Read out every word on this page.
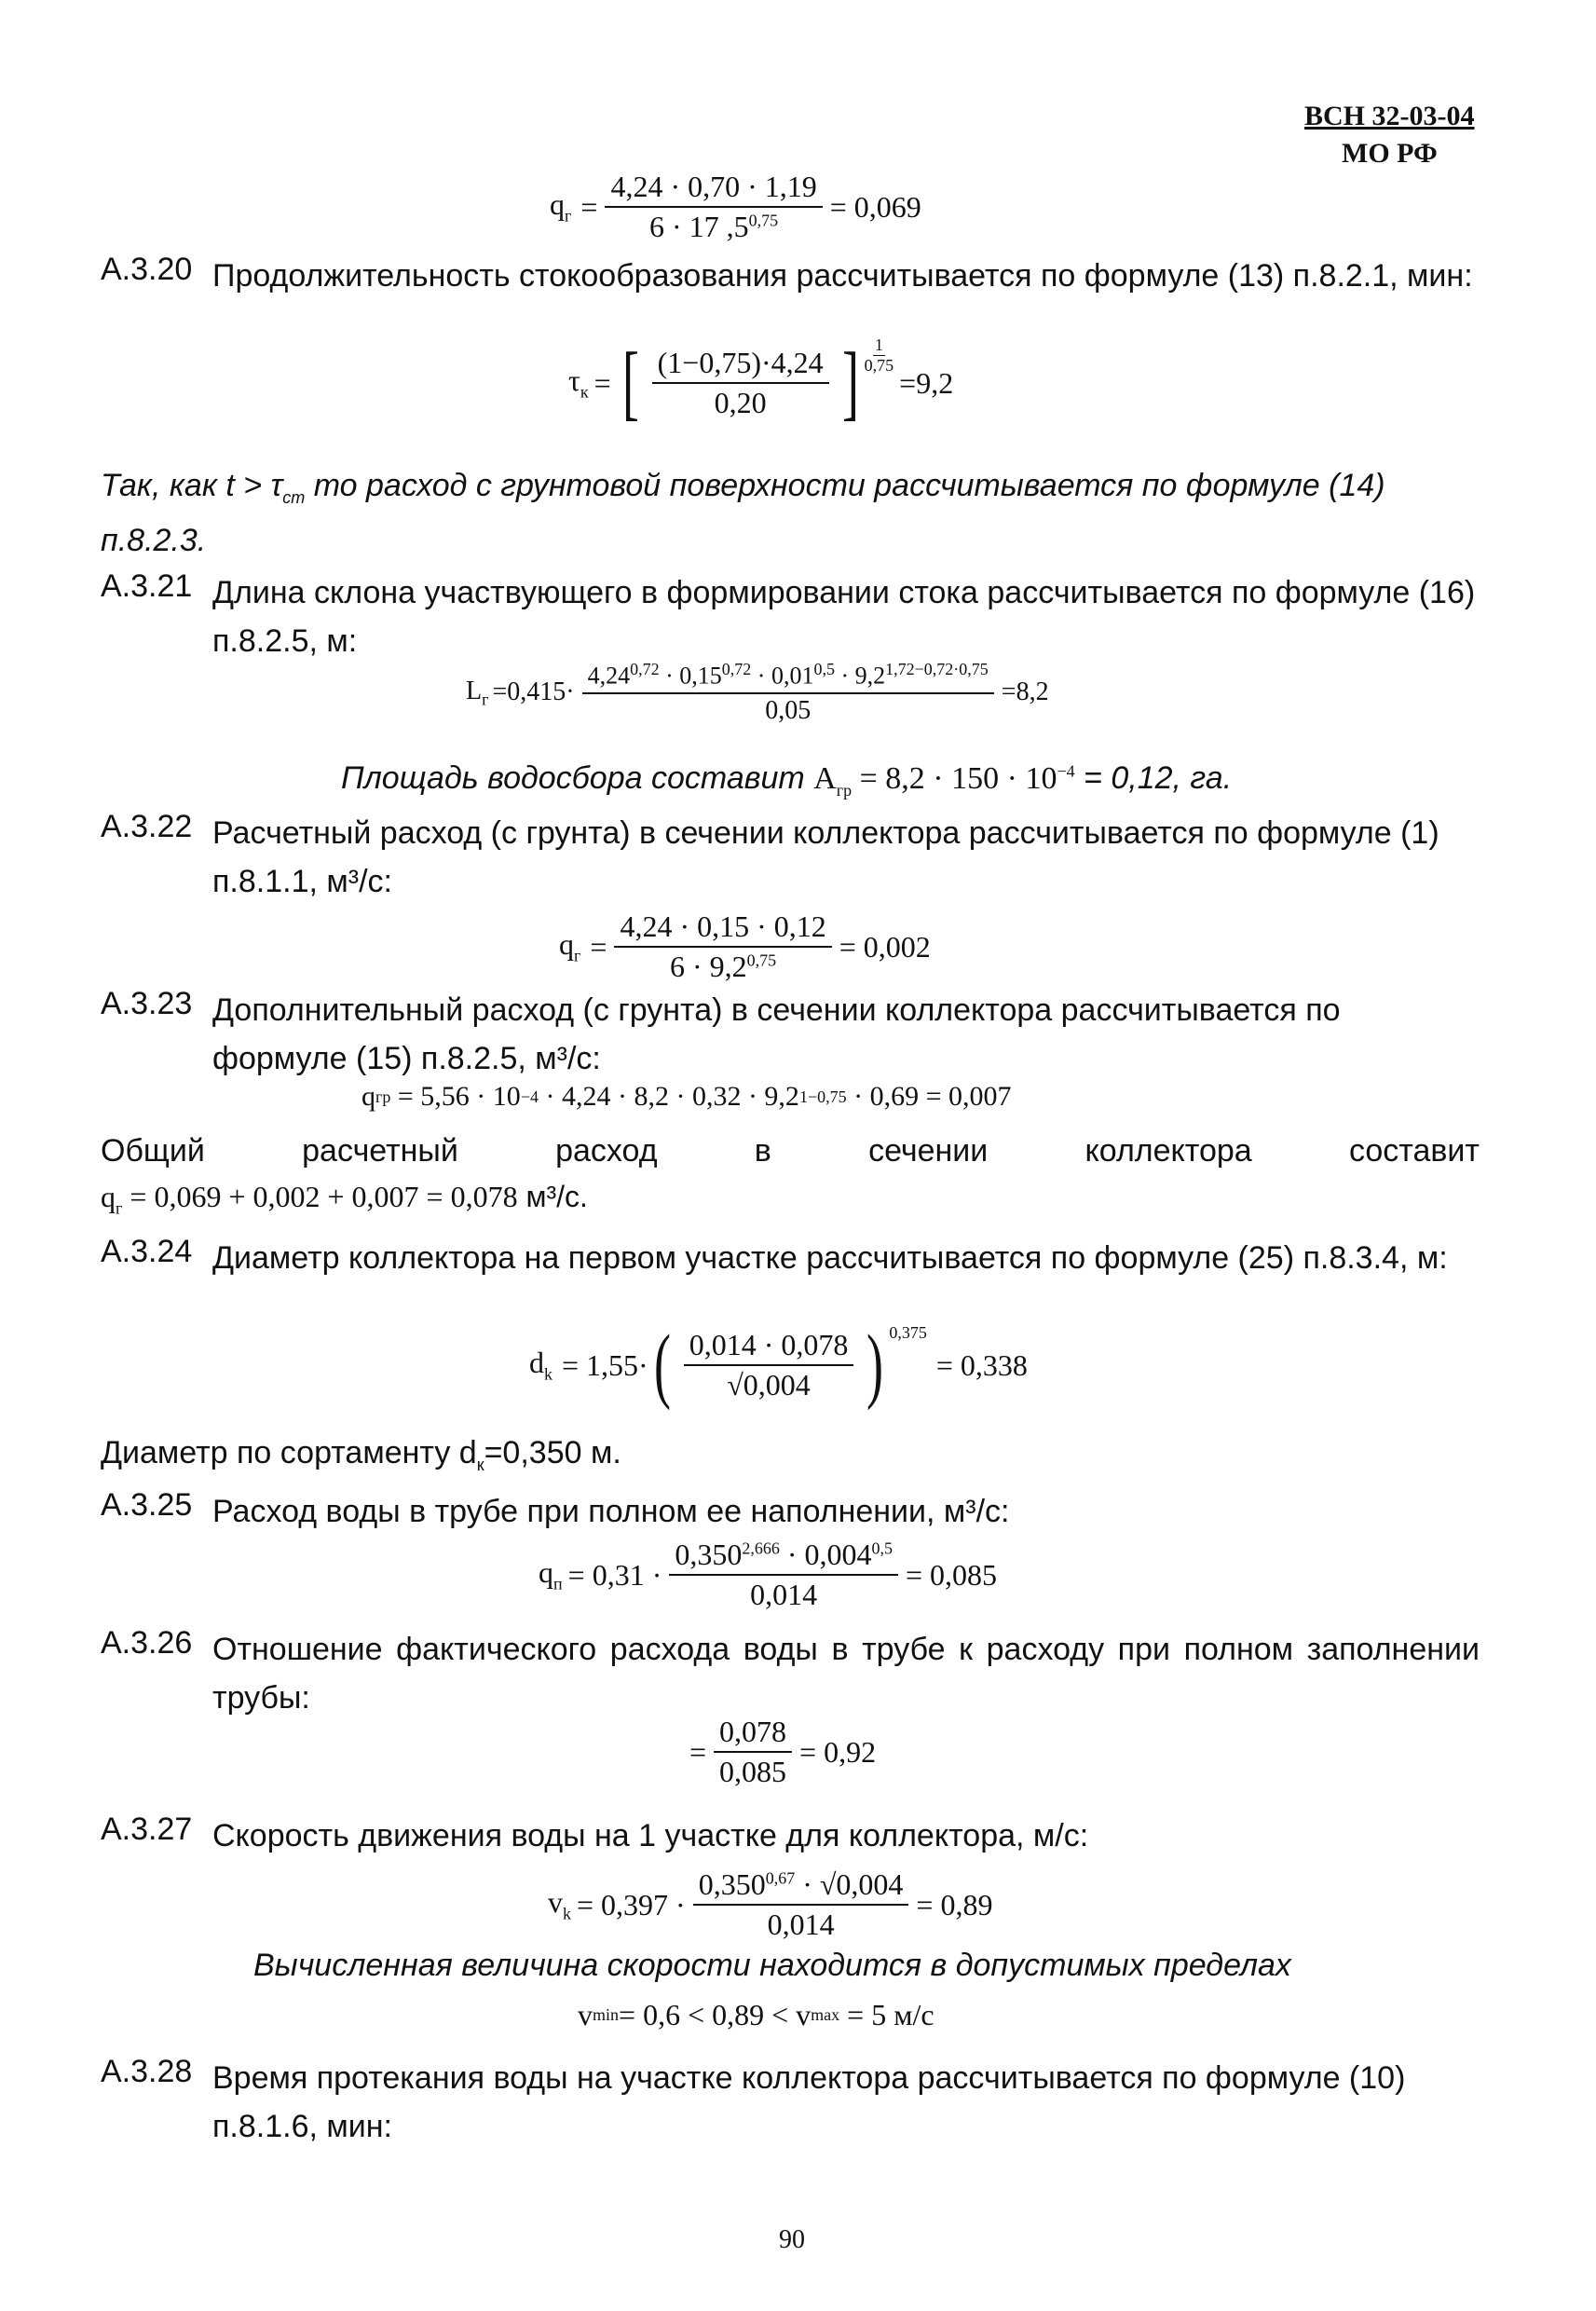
ВСН 32-03-04
МО РФ
$q_г = \frac{4,24 \cdot 0,70 \cdot 1,19}{6 \cdot 17 ,5^{0,75}} = 0,069$
А.3.20 Продолжительность стокообразования рассчитывается по формуле (13) п.8.2.1, мин:
$\tau_к$ = [ $\frac{(1-0,75)\cdot 4,24}{0,20}$ ] $\frac{1}{0,75}$
=9,2
Так, как $t > \tau_{ст}$ то расход с грунтовой поверхности рассчитывается по формуле (14) п.8.2.3.
А.3.21 Длина склона участвующего в формировании стока рассчитывается по формуле (16) п.8.2.5, м:
$L_г =0,415\cdot \frac{4,24^{0,72} \cdot 0,15^{0,72} \cdot 0,01^{0,5} \cdot 9,2^{1,72-0,72\cdot 0,75}}{0,05} =8,2$
Площадь водосбора составит $A_{гр} = 8,2 \cdot 150 \cdot 10^{-4} = 0,12$, га.
А.3.22 Расчетный расход (с грунта) в сечении коллектора рассчитывается по формуле (1) п.8.1.1, м³/с:
$q_г = \frac{4,24 \cdot 0,15 \cdot 0,12}{6 \cdot 9,2^{0,75}} = 0,002$
А.3.23 Дополнительный расход (с грунта) в сечении коллектора рассчитывается по формуле (15) п.8.2.5, м³/с:
q гр = 5,56 · 10 −4 · 4,24 · 8,2 · 0,32 · 9,2 1−0,75 · 0,69 = 0,007
Общий	расчетный	расход	в	сечении	коллектора	составит
$q_г = 0,069 + 0,002 + 0,007 = 0,078$ м³/с.
А.3.24 Диаметр коллектора на первом участке рассчитывается по формуле (25) п.8.3.4, м:
$d_k = 1,55\cdot$ ( $\frac{0,014 \cdot 0,078}{√0,004}$ ) 0,375
= 0,338
Диаметр по сортаменту $d_к=0,350$ м.
А.3.25 Расход воды в трубе при полном ее наполнении, м³/с:
$q_п = 0,31 \cdot \frac{0,350^{2,666} \cdot 0,004^{0,5}}{0,014} = 0,085$
А.3.26 Отношение фактического расхода воды в трубе к расходу при полном заполнении трубы:
= $\frac{0,078}{0,085} = 0,92$
А.3.27 Скорость движения воды на 1 участке для коллектора, м/с:
$v_k = 0,397 \cdot \frac{0,350^{0,67} \cdot √0,004}{0,014} = 0,89$
Вычисленная величина скорости находится в допустимых пределах
v min = 0,6 < 0,89 < v max = 5 м/с
А.3.28 Время протекания воды на участке коллектора рассчитывается по формуле (10) п.8.1.6, мин:
90
